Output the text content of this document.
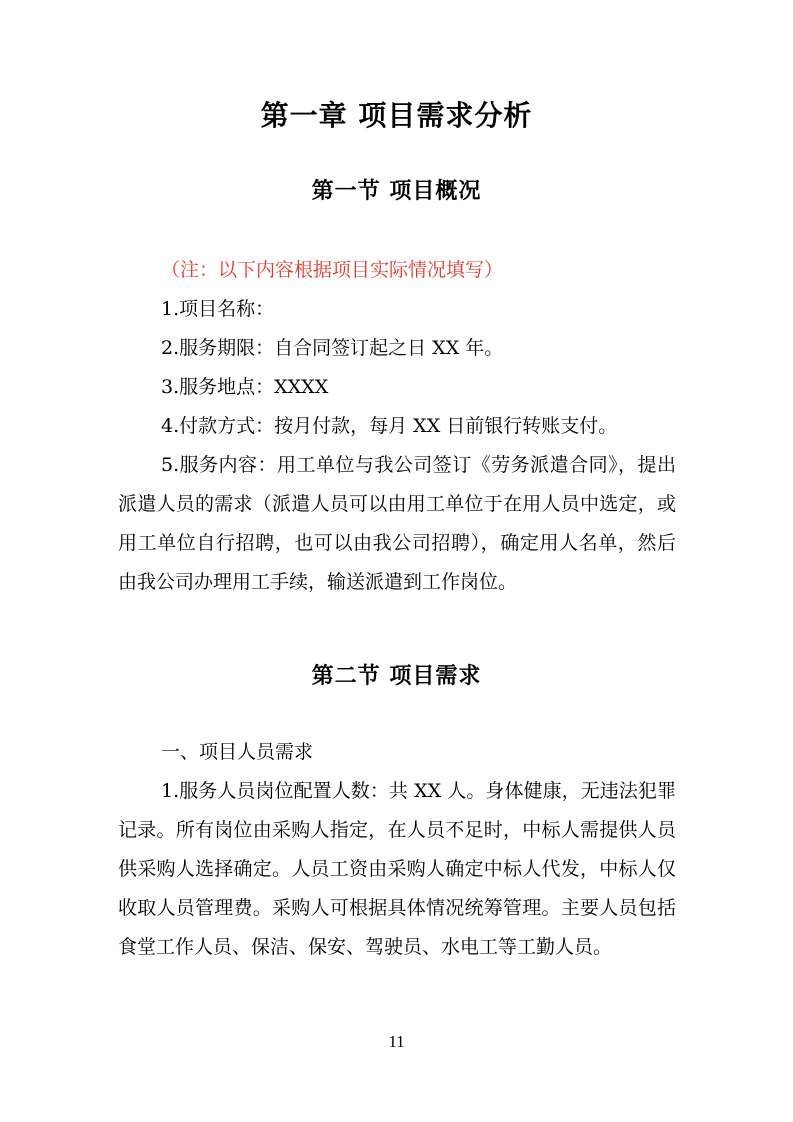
第一章 项目需求分析
第一节 项目概况

（注：以下内容根据项目实际情况填写）

1.项目名称：

2.服务期限：自合同签订起之日 XX 年。

3.服务地点：XXXX

4.付款方式：按月付款，每月 XX 日前银行转账支付。

5.服务内容：用工单位与我公司签订《劳务派遣合同》，提出派遣人员的需求（派遣人员可以由用工单位于在用人员中选定，或用工单位自行招聘，也可以由我公司招聘），确定用人名单，然后由我公司办理用工手续，输送派遣到工作岗位。

第二节 项目需求

一、项目人员需求

1.服务人员岗位配置人数：共 XX 人。身体健康，无违法犯罪记录。所有岗位由采购人指定，在人员不足时，中标人需提供人员供采购人选择确定。人员工资由采购人确定中标人代发，中标人仅收取人员管理费。采购人可根据具体情况统筹管理。主要人员包括食堂工作人员、保洁、保安、驾驶员、水电工等工勤人员。

11
